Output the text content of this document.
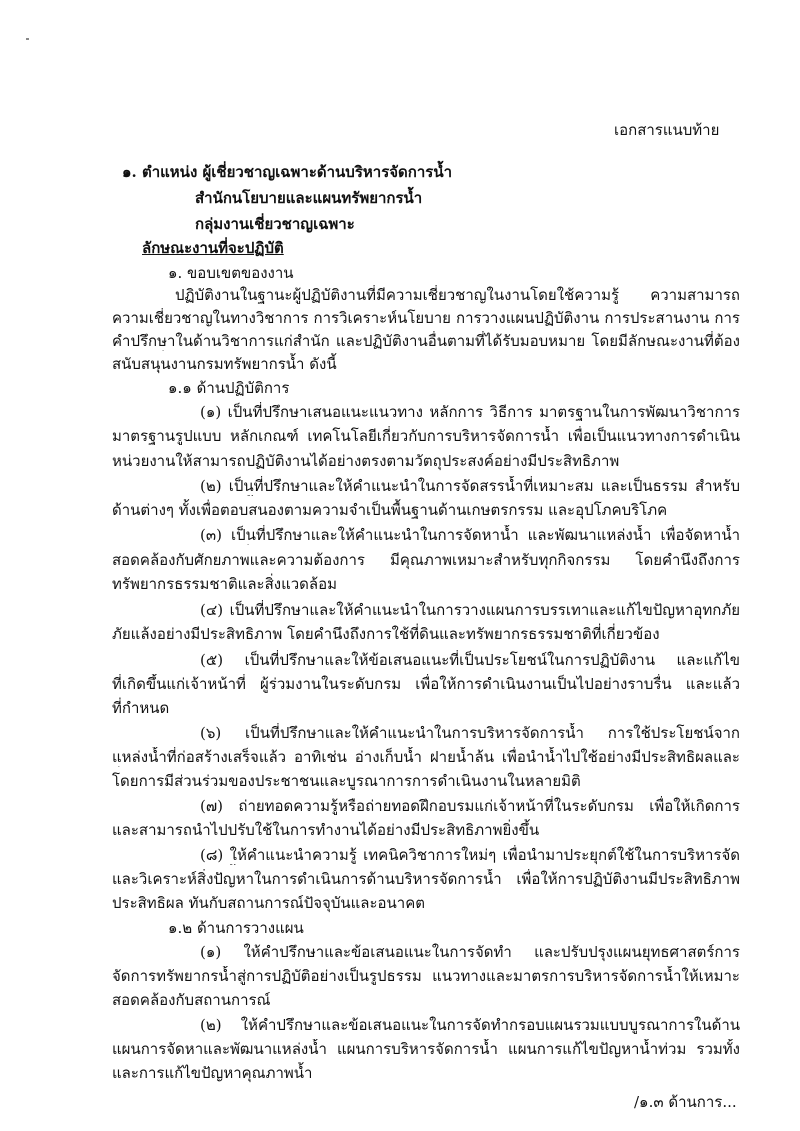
เอกสารแนบท้าย
๑. ตำแหน่ง ผู้เชี่ยวชาญเฉพาะด้านบริหารจัดการน้ำ
สำนักนโยบายและแผนทรัพยากรน้ำ
กลุ่มงานเชี่ยวชาญเฉพาะ
ลักษณะงานที่จะปฏิบัติ
๑. ขอบเขตของงาน
ปฏิบัติงานในฐานะผู้ปฏิบัติงานที่มีความเชี่ยวชาญในงานโดยใช้ความรู้ ความสามารถ
ความเชี่ยวชาญในทางวิชาการ การวิเคราะห์นโยบาย การวางแผนปฏิบัติงาน การประสานงาน การ
คำปรึกษาในด้านวิชาการแก่สำนัก และปฏิบัติงานอื่นตามที่ได้รับมอบหมาย โดยมีลักษณะงานที่ต้อง
สนับสนุนงานกรมทรัพยากรน้ำ ดังนี้
๑.๑ ด้านปฏิบัติการ
(๑) เป็นที่ปรึกษาเสนอแนะแนวทาง หลักการ วิธีการ มาตรฐานในการพัฒนาวิชาการ
มาตรฐานรูปแบบ หลักเกณฑ์ เทคโนโลยีเกี่ยวกับการบริหารจัดการน้ำ เพื่อเป็นแนวทางการดำเนิน
หน่วยงานให้สามารถปฏิบัติงานได้อย่างตรงตามวัตถุประสงค์อย่างมีประสิทธิภาพ
(๒) เป็นที่ปรึกษาและให้คำแนะนำในการจัดสรรน้ำที่เหมาะสม และเป็นธรรม สำหรับ
ด้านต่างๆ ทั้งเพื่อตอบสนองตามความจำเป็นพื้นฐานด้านเกษตรกรรม และอุปโภคบริโภค
(๓) เป็นที่ปรึกษาและให้คำแนะนำในการจัดหาน้ำ และพัฒนาแหล่งน้ำ เพื่อจัดหาน้ำ
สอดคล้องกับศักยภาพและความต้องการ มีคุณภาพเหมาะสำหรับทุกกิจกรรม โดยคำนึงถึงการ
ทรัพยากรธรรมชาติและสิ่งแวดล้อม
(๔) เป็นที่ปรึกษาและให้คำแนะนำในการวางแผนการบรรเทาและแก้ไขปัญหาอุทกภัย
ภัยแล้งอย่างมีประสิทธิภาพ โดยคำนึงถึงการใช้ที่ดินและทรัพยากรธรรมชาติที่เกี่ยวข้อง
(๕) เป็นที่ปรึกษาและให้ข้อเสนอแนะที่เป็นประโยชน์ในการปฏิบัติงาน และแก้ไข
ที่เกิดขึ้นแก่เจ้าหน้าที่ ผู้ร่วมงานในระดับกรม เพื่อให้การดำเนินงานเป็นไปอย่างราบรื่น และแล้ว
ที่กำหนด
(๖) เป็นที่ปรึกษาและให้คำแนะนำในการบริหารจัดการน้ำ การใช้ประโยชน์จาก
แหล่งน้ำที่ก่อสร้างเสร็จแล้ว อาทิเช่น อ่างเก็บน้ำ ฝายน้ำล้น เพื่อนำน้ำไปใช้อย่างมีประสิทธิผลและ
โดยการมีส่วนร่วมของประชาชนและบูรณาการการดำเนินงานในหลายมิติ
(๗) ถ่ายทอดความรู้หรือถ่ายทอดฝึกอบรมแก่เจ้าหน้าที่ในระดับกรม เพื่อให้เกิดการ
และสามารถนำไปปรับใช้ในการทำงานได้อย่างมีประสิทธิภาพยิ่งขึ้น
(๘) ให้คำแนะนำความรู้ เทคนิควิชาการใหม่ๆ เพื่อนำมาประยุกต์ใช้ในการบริหารจัด
และวิเคราะห์สิ่งปัญหาในการดำเนินการด้านบริหารจัดการน้ำ เพื่อให้การปฏิบัติงานมีประสิทธิภาพ
ประสิทธิผล ทันกับสถานการณ์ปัจจุบันและอนาคต
๑.๒ ด้านการวางแผน
(๑) ให้คำปรึกษาและข้อเสนอแนะในการจัดทำ และปรับปรุงแผนยุทธศาสตร์การ
จัดการทรัพยากรน้ำสู่การปฏิบัติอย่างเป็นรูปธรรม แนวทางและมาตรการบริหารจัดการน้ำให้เหมาะ
สอดคล้องกับสถานการณ์
(๒) ให้คำปรึกษาและข้อเสนอแนะในการจัดทำกรอบแผนรวมแบบบูรณาการในด้าน
แผนการจัดหาและพัฒนาแหล่งน้ำ แผนการบริหารจัดการน้ำ แผนการแก้ไขปัญหาน้ำท่วม รวมทั้ง
และการแก้ไขปัญหาคุณภาพน้ำ
/๑.๓ ด้านการ...
